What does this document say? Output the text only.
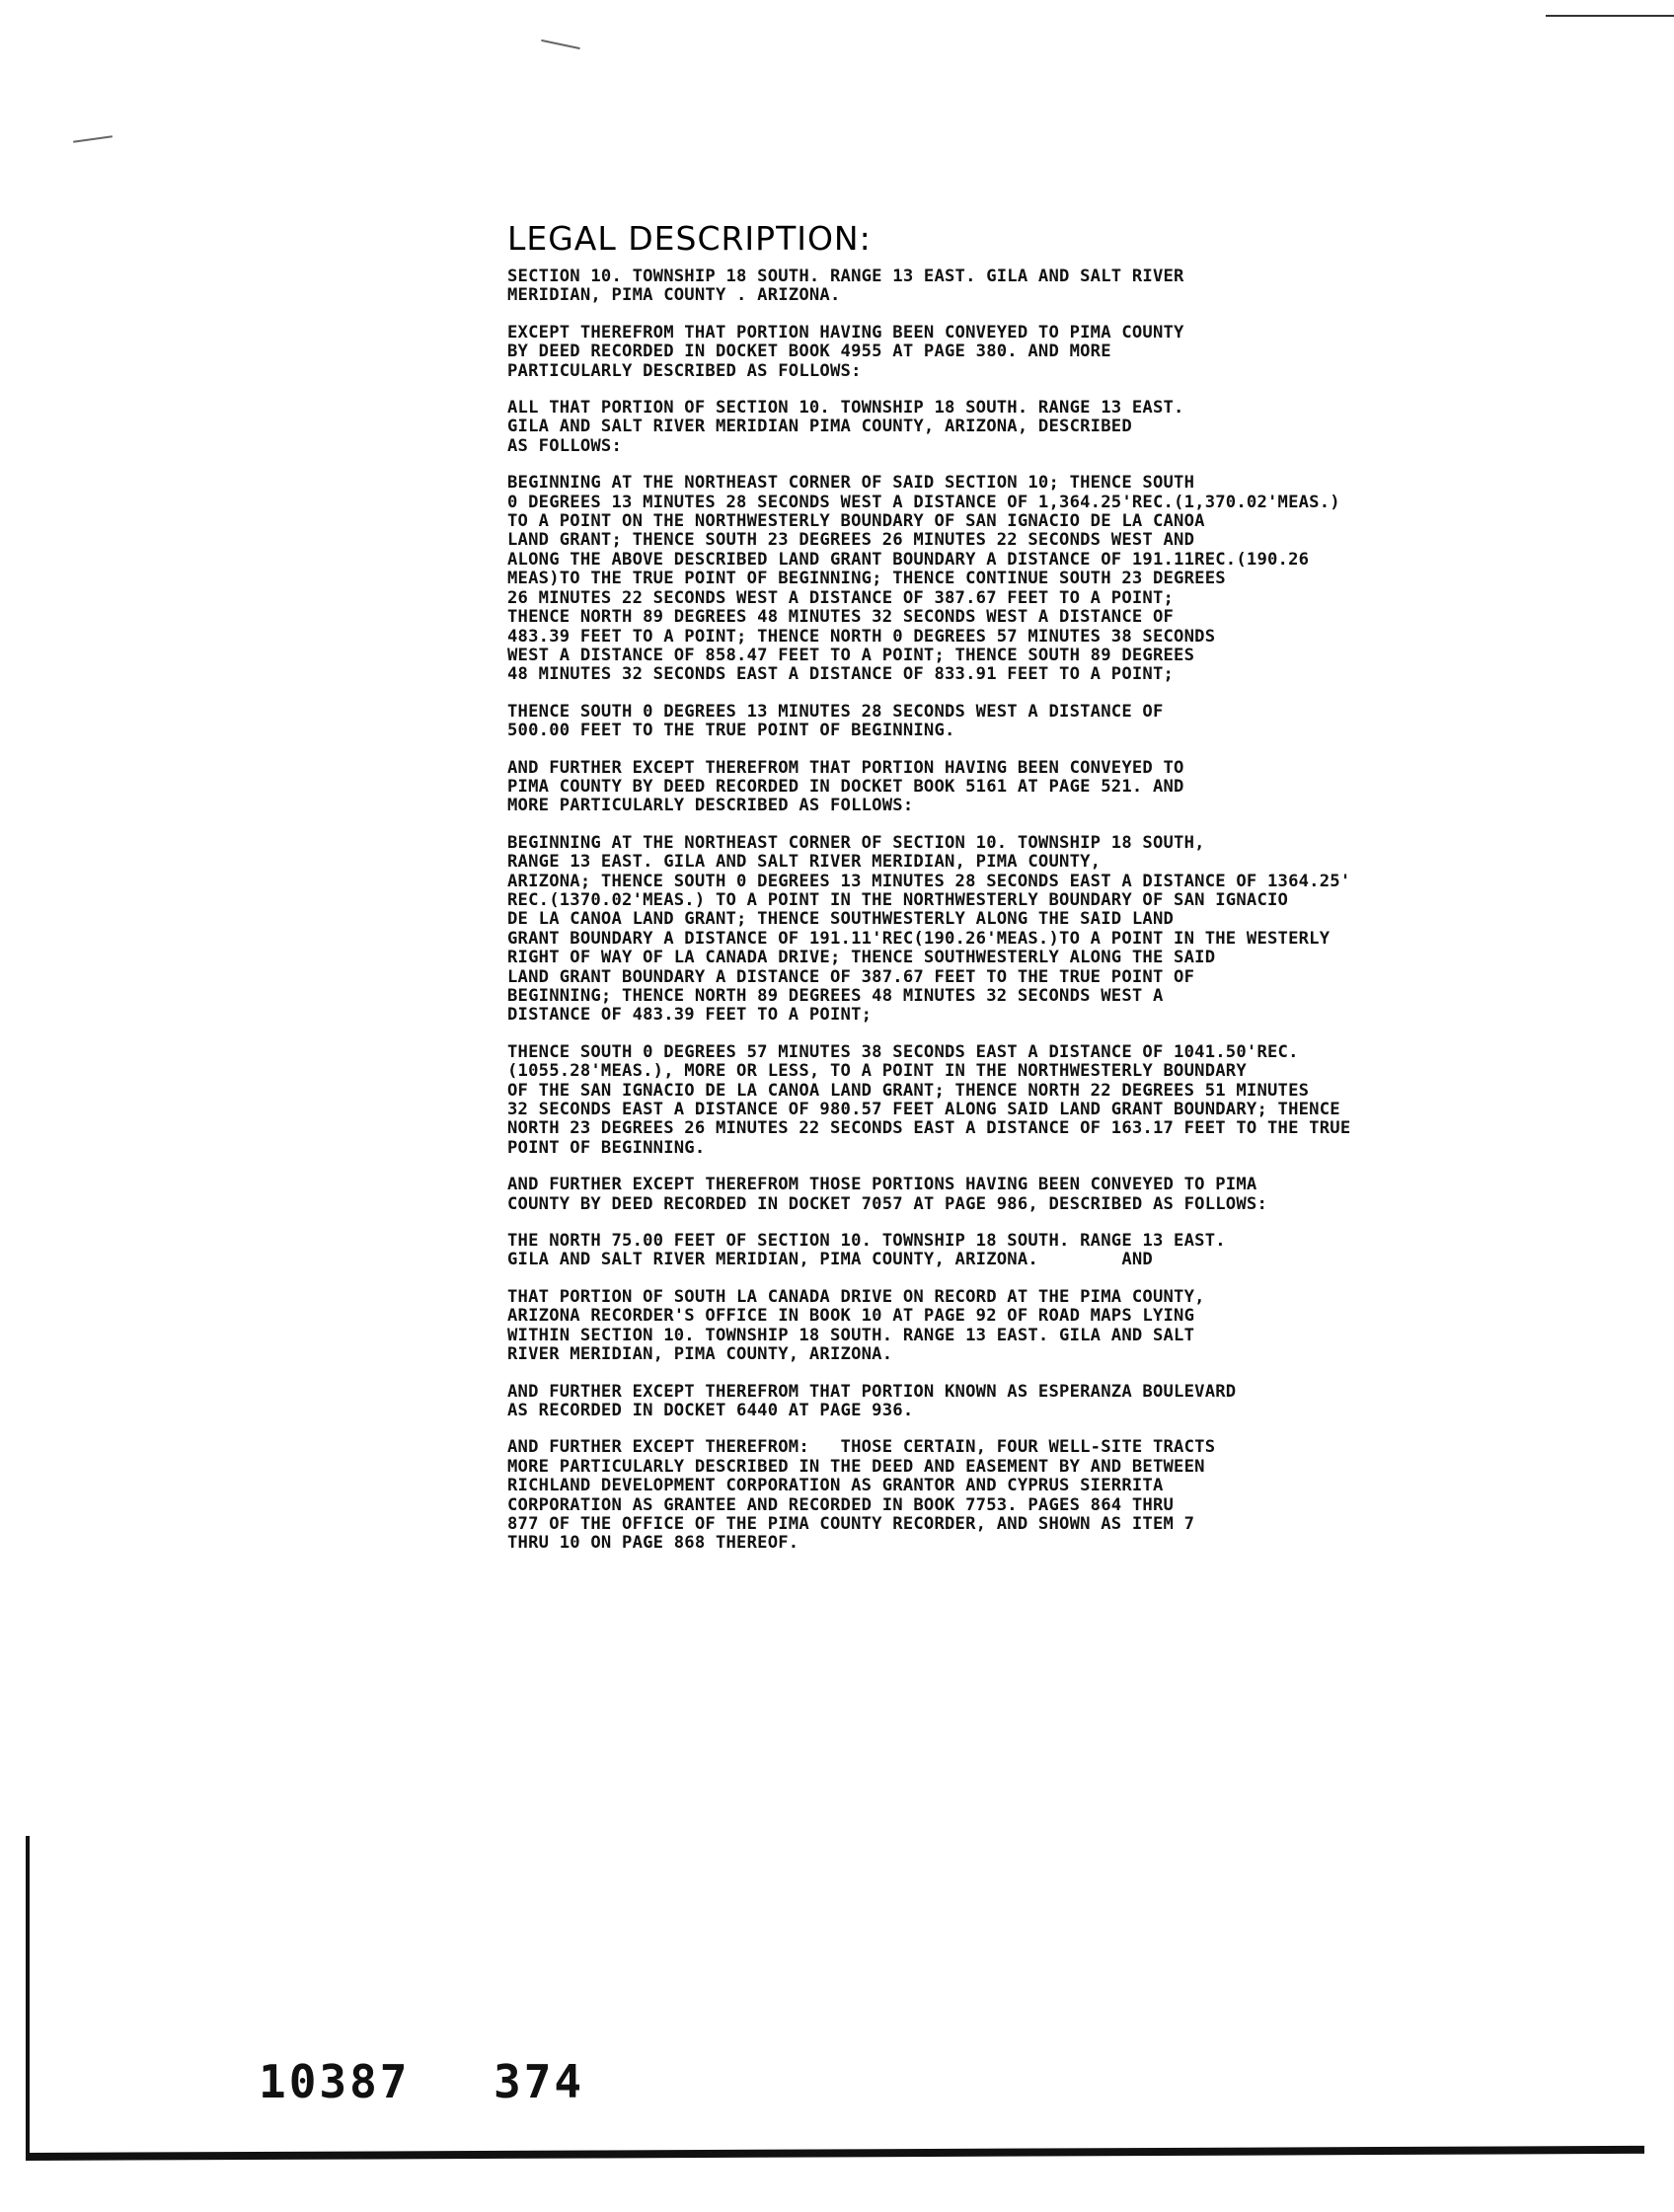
LEGAL DESCRIPTION:
SECTION 10. TOWNSHIP 18 SOUTH. RANGE 13 EAST. GILA AND SALT RIVER
MERIDIAN, PIMA COUNTY . ARIZONA.
EXCEPT THEREFROM THAT PORTION HAVING BEEN CONVEYED TO PIMA COUNTY
BY DEED RECORDED IN DOCKET BOOK 4955 AT PAGE 380. AND MORE
PARTICULARLY DESCRIBED AS FOLLOWS:
ALL THAT PORTION OF SECTION 10. TOWNSHIP 18 SOUTH. RANGE 13 EAST.
GILA AND SALT RIVER MERIDIAN PIMA COUNTY, ARIZONA, DESCRIBED
AS FOLLOWS:
BEGINNING AT THE NORTHEAST CORNER OF SAID SECTION 10; THENCE SOUTH
0 DEGREES 13 MINUTES 28 SECONDS WEST A DISTANCE OF 1,364.25'REC.(1,370.02'MEAS.)
TO A POINT ON THE NORTHWESTERLY BOUNDARY OF SAN IGNACIO DE LA CANOA
LAND GRANT; THENCE SOUTH 23 DEGREES 26 MINUTES 22 SECONDS WEST AND
ALONG THE ABOVE DESCRIBED LAND GRANT BOUNDARY A DISTANCE OF 191.11REC.(190.26
MEAS)TO THE TRUE POINT OF BEGINNING; THENCE CONTINUE SOUTH 23 DEGREES
26 MINUTES 22 SECONDS WEST A DISTANCE OF 387.67 FEET TO A POINT;
THENCE NORTH 89 DEGREES 48 MINUTES 32 SECONDS WEST A DISTANCE OF
483.39 FEET TO A POINT; THENCE NORTH 0 DEGREES 57 MINUTES 38 SECONDS
WEST A DISTANCE OF 858.47 FEET TO A POINT; THENCE SOUTH 89 DEGREES
48 MINUTES 32 SECONDS EAST A DISTANCE OF 833.91 FEET TO A POINT;
THENCE SOUTH 0 DEGREES 13 MINUTES 28 SECONDS WEST A DISTANCE OF
500.00 FEET TO THE TRUE POINT OF BEGINNING.
AND FURTHER EXCEPT THEREFROM THAT PORTION HAVING BEEN CONVEYED TO
PIMA COUNTY BY DEED RECORDED IN DOCKET BOOK 5161 AT PAGE 521. AND
MORE PARTICULARLY DESCRIBED AS FOLLOWS:
BEGINNING AT THE NORTHEAST CORNER OF SECTION 10. TOWNSHIP 18 SOUTH,
RANGE 13 EAST. GILA AND SALT RIVER MERIDIAN, PIMA COUNTY,
ARIZONA; THENCE SOUTH 0 DEGREES 13 MINUTES 28 SECONDS EAST A DISTANCE OF 1364.25'
REC.(1370.02'MEAS.) TO A POINT IN THE NORTHWESTERLY BOUNDARY OF SAN IGNACIO
DE LA CANOA LAND GRANT; THENCE SOUTHWESTERLY ALONG THE SAID LAND
GRANT BOUNDARY A DISTANCE OF 191.11'REC(190.26'MEAS.)TO A POINT IN THE WESTERLY
RIGHT OF WAY OF LA CANADA DRIVE; THENCE SOUTHWESTERLY ALONG THE SAID
LAND GRANT BOUNDARY A DISTANCE OF 387.67 FEET TO THE TRUE POINT OF
BEGINNING; THENCE NORTH 89 DEGREES 48 MINUTES 32 SECONDS WEST A
DISTANCE OF 483.39 FEET TO A POINT;
THENCE SOUTH 0 DEGREES 57 MINUTES 38 SECONDS EAST A DISTANCE OF 1041.50'REC.
(1055.28'MEAS.), MORE OR LESS, TO A POINT IN THE NORTHWESTERLY BOUNDARY
OF THE SAN IGNACIO DE LA CANOA LAND GRANT; THENCE NORTH 22 DEGREES 51 MINUTES
32 SECONDS EAST A DISTANCE OF 980.57 FEET ALONG SAID LAND GRANT BOUNDARY; THENCE
NORTH 23 DEGREES 26 MINUTES 22 SECONDS EAST A DISTANCE OF 163.17 FEET TO THE TRUE
POINT OF BEGINNING.
AND FURTHER EXCEPT THEREFROM THOSE PORTIONS HAVING BEEN CONVEYED TO PIMA
COUNTY BY DEED RECORDED IN DOCKET 7057 AT PAGE 986, DESCRIBED AS FOLLOWS:
THE NORTH 75.00 FEET OF SECTION 10. TOWNSHIP 18 SOUTH. RANGE 13 EAST.
GILA AND SALT RIVER MERIDIAN, PIMA COUNTY, ARIZONA.        AND
THAT PORTION OF SOUTH LA CANADA DRIVE ON RECORD AT THE PIMA COUNTY,
ARIZONA RECORDER'S OFFICE IN BOOK 10 AT PAGE 92 OF ROAD MAPS LYING
WITHIN SECTION 10. TOWNSHIP 18 SOUTH. RANGE 13 EAST. GILA AND SALT
RIVER MERIDIAN, PIMA COUNTY, ARIZONA.
AND FURTHER EXCEPT THEREFROM THAT PORTION KNOWN AS ESPERANZA BOULEVARD
AS RECORDED IN DOCKET 6440 AT PAGE 936.
AND FURTHER EXCEPT THEREFROM:   THOSE CERTAIN, FOUR WELL-SITE TRACTS
MORE PARTICULARLY DESCRIBED IN THE DEED AND EASEMENT BY AND BETWEEN
RICHLAND DEVELOPMENT CORPORATION AS GRANTOR AND CYPRUS SIERRITA
CORPORATION AS GRANTEE AND RECORDED IN BOOK 7753. PAGES 864 THRU
877 OF THE OFFICE OF THE PIMA COUNTY RECORDER, AND SHOWN AS ITEM 7
THRU 10 ON PAGE 868 THEREOF.
10387 374
